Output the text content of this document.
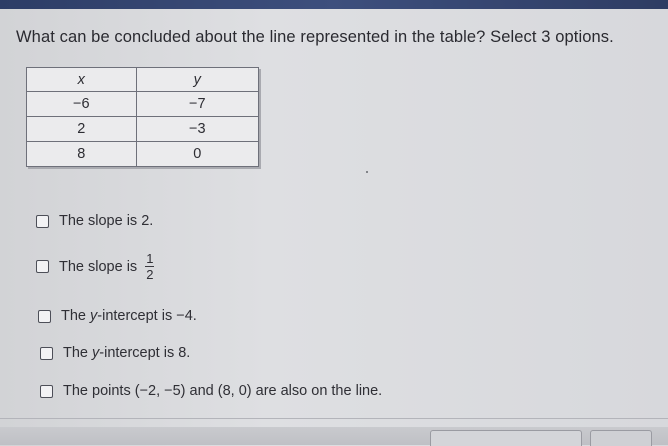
What can be concluded about the line represented in the table? Select 3 options.
x	y
−6	−7
2	−3
8	0
The slope is 2.
The slope is $\frac{1}{2}$
The y-intercept is −4.
The y-intercept is 8.
The points (−2, −5) and (8, 0) are also on the line.
